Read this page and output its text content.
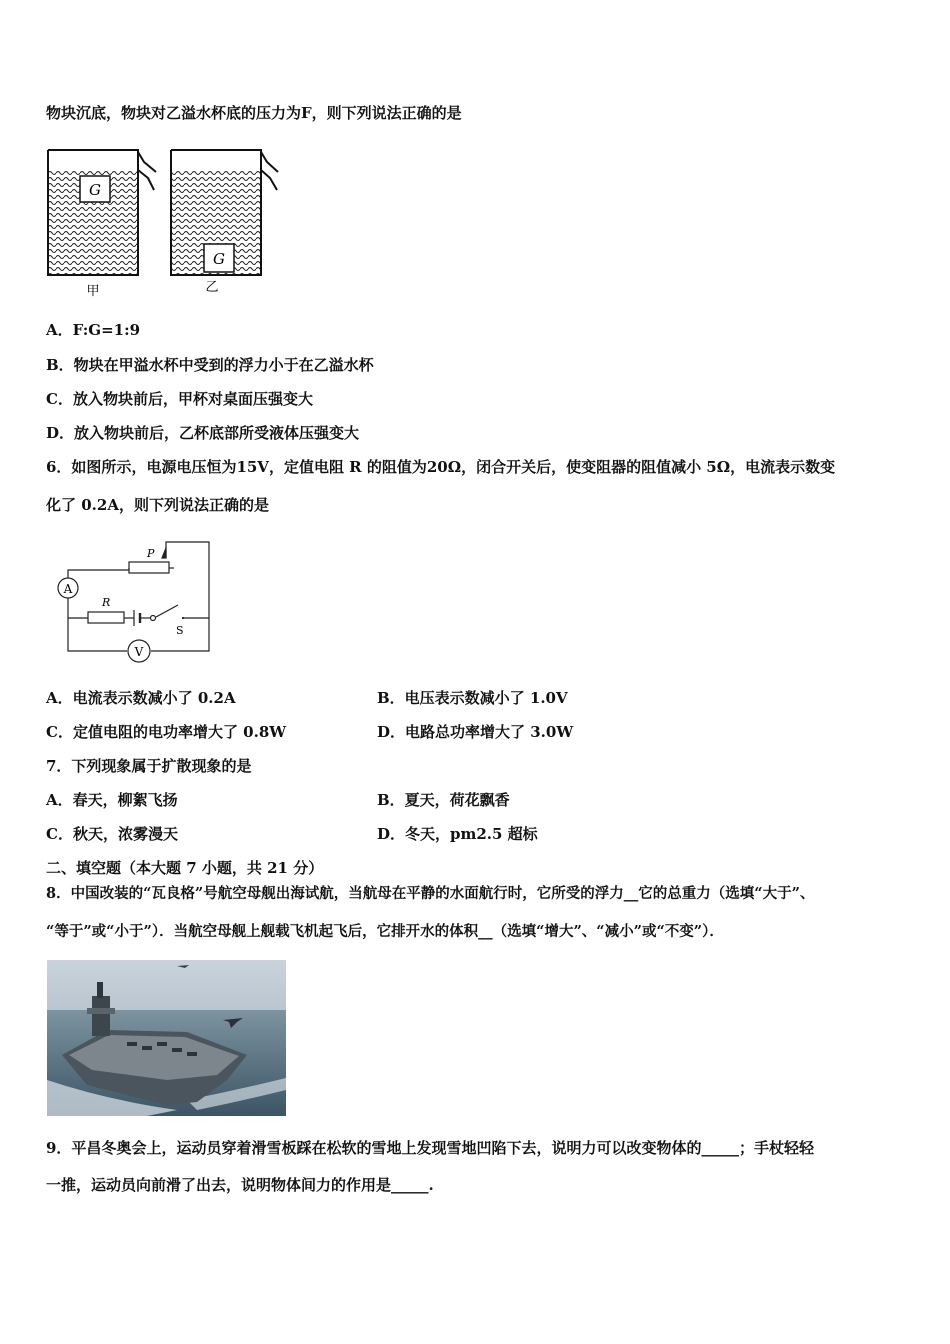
物块沉底，物块对乙溢水杯底的压力为F，则下列说法正确的是
G
甲
G
乙
A．F:G=1:9
B．物块在甲溢水杯中受到的浮力小于在乙溢水杯
C．放入物块前后，甲杯对桌面压强变大
D．放入物块前后，乙杯底部所受液体压强变大
6．如图所示，电源电压恒为15V，定值电阻 R 的阻值为20Ω，闭合开关后，使变阻器的阻值减小 5Ω，电流表示数变
化了 0.2A，则下列说法正确的是
A
V
R
P
S
A．电流表示数减小了 0.2A	B．电压表示数减小了 1.0V
C．定值电阻的电功率增大了 0.8W	D．电路总功率增大了 3.0W
7．下列现象属于扩散现象的是
A．春天，柳絮飞扬	B．夏天，荷花飘香
C．秋天，浓雾漫天	D．冬天，pm2.5 超标
二、填空题（本大题 7 小题，共 21 分）
8．中国改装的“瓦良格”号航空母舰出海试航，当航母在平静的水面航行时，它所受的浮力__它的总重力（选填“大于”、
“等于”或“小于”）．当航空母舰上舰载飞机起飞后，它排开水的体积__（选填“增大”、“减小”或“不变”）．
9．平昌冬奥会上，运动员穿着滑雪板踩在松软的雪地上发现雪地凹陷下去，说明力可以改变物体的_____；手杖轻轻
一推，运动员向前滑了出去，说明物体间力的作用是_____.
